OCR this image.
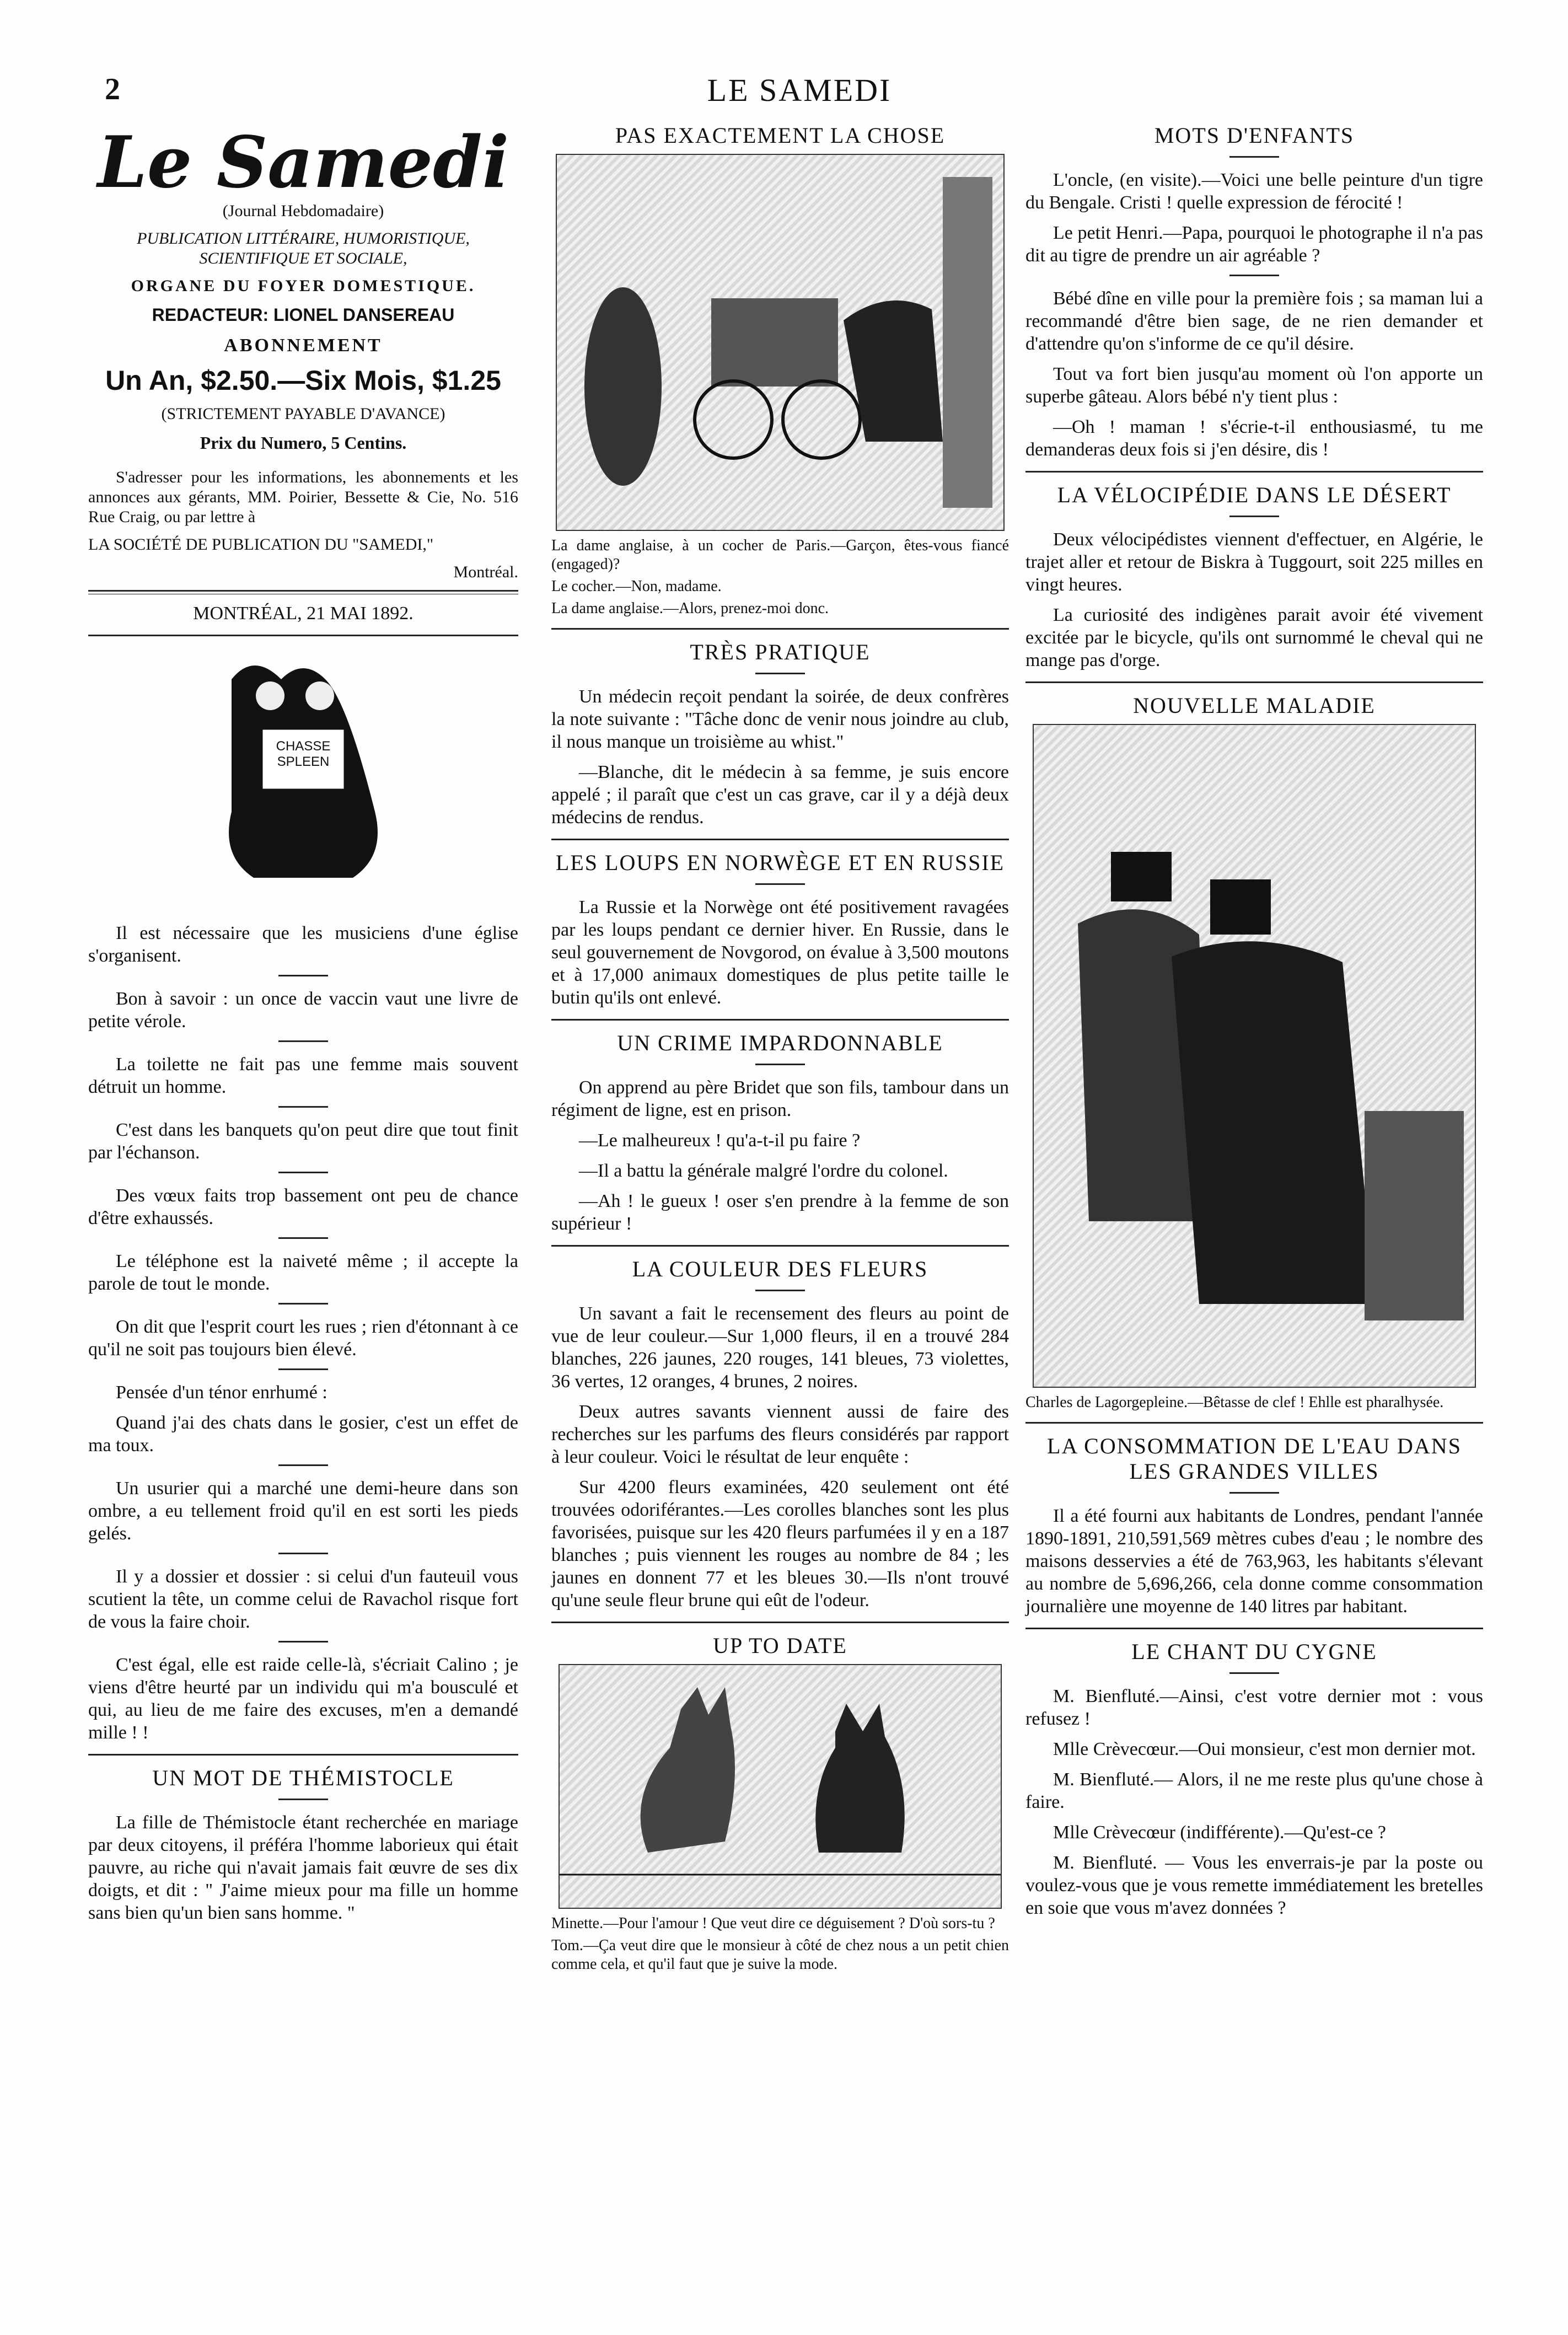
2	LE SAMEDI
Le Samedi

(Journal Hebdomadaire)

PUBLICATION LITTÉRAIRE, HUMORISTIQUE, SCIENTIFIQUE ET SOCIALE,

ORGANE DU FOYER DOMESTIQUE.

REDACTEUR: LIONEL DANSEREAU

ABONNEMENT

Un An, $2.50.—Six Mois, $1.25

(STRICTEMENT PAYABLE D'AVANCE)

Prix du Numero, 5 Centins.

S'adresser pour les informations, les abonnements et les annonces aux gérants, MM. Poirier, Bessette & Cie, No. 516 Rue Craig, ou par lettre à

LA SOCIÉTÉ DE PUBLICATION DU "SAMEDI,"

Montréal.

MONTRÉAL, 21 MAI 1892.

CHASSE SPLEEN

Il est nécessaire que les musiciens d'une église s'organisent.

Bon à savoir : un once de vaccin vaut une livre de petite vérole.

La toilette ne fait pas une femme mais souvent détruit un homme.

C'est dans les banquets qu'on peut dire que tout finit par l'échanson.

Des vœux faits trop bassement ont peu de chance d'être exhaussés.

Le téléphone est la naiveté même ; il accepte la parole de tout le monde.

On dit que l'esprit court les rues ; rien d'étonnant à ce qu'il ne soit pas toujours bien élevé.

Pensée d'un ténor enrhumé :

Quand j'ai des chats dans le gosier, c'est un effet de ma toux.

Un usurier qui a marché une demi-heure dans son ombre, a eu tellement froid qu'il en est sorti les pieds gelés.

Il y a dossier et dossier : si celui d'un fauteuil vous scutient la tête, un comme celui de Ravachol risque fort de vous la faire choir.

C'est égal, elle est raide celle-là, s'écriait Calino ; je viens d'être heurté par un individu qui m'a bousculé et qui, au lieu de me faire des excuses, m'en a demandé mille ! !

UN MOT DE THÉMISTOCLE

La fille de Thémistocle étant recherchée en mariage par deux citoyens, il préféra l'homme laborieux qui était pauvre, au riche qui n'avait jamais fait œuvre de ses dix doigts, et dit : " J'aime mieux pour ma fille un homme sans bien qu'un bien sans homme. "

PAS EXACTEMENT LA CHOSE

La dame anglaise, à un cocher de Paris.—Garçon, êtes-vous fiancé (engaged)?

Le cocher.—Non, madame.

La dame anglaise.—Alors, prenez-moi donc.

TRÈS PRATIQUE

Un médecin reçoit pendant la soirée, de deux confrères la note suivante : "Tâche donc de venir nous joindre au club, il nous manque un troisième au whist."

—Blanche, dit le médecin à sa femme, je suis encore appelé ; il paraît que c'est un cas grave, car il y a déjà deux médecins de rendus.

LES LOUPS EN NORWÈGE ET EN RUSSIE

La Russie et la Norwège ont été positivement ravagées par les loups pendant ce dernier hiver. En Russie, dans le seul gouvernement de Novgorod, on évalue à 3,500 moutons et à 17,000 animaux domestiques de plus petite taille le butin qu'ils ont enlevé.

UN CRIME IMPARDONNABLE

On apprend au père Bridet que son fils, tambour dans un régiment de ligne, est en prison.

—Le malheureux ! qu'a-t-il pu faire ?

—Il a battu la générale malgré l'ordre du colonel.

—Ah ! le gueux ! oser s'en prendre à la femme de son supérieur !

LA COULEUR DES FLEURS

Un savant a fait le recensement des fleurs au point de vue de leur couleur.—Sur 1,000 fleurs, il en a trouvé 284 blanches, 226 jaunes, 220 rouges, 141 bleues, 73 violettes, 36 vertes, 12 oranges, 4 brunes, 2 noires.

Deux autres savants viennent aussi de faire des recherches sur les parfums des fleurs considérés par rapport à leur couleur. Voici le résultat de leur enquête :

Sur 4200 fleurs examinées, 420 seulement ont été trouvées odoriférantes.—Les corolles blanches sont les plus favorisées, puisque sur les 420 fleurs parfumées il y en a 187 blanches ; puis viennent les rouges au nombre de 84 ; les jaunes en donnent 77 et les bleues 30.—Ils n'ont trouvé qu'une seule fleur brune qui eût de l'odeur.

UP TO DATE

Minette.—Pour l'amour ! Que veut dire ce déguisement ? D'où sors-tu ?

Tom.—Ça veut dire que le monsieur à côté de chez nous a un petit chien comme cela, et qu'il faut que je suive la mode.

MOTS D'ENFANTS

L'oncle, (en visite).—Voici une belle peinture d'un tigre du Bengale. Cristi ! quelle expression de férocité !

Le petit Henri.—Papa, pourquoi le photographe il n'a pas dit au tigre de prendre un air agréable ?

Bébé dîne en ville pour la première fois ; sa maman lui a recommandé d'être bien sage, de ne rien demander et d'attendre qu'on s'informe de ce qu'il désire.

Tout va fort bien jusqu'au moment où l'on apporte un superbe gâteau. Alors bébé n'y tient plus :

—Oh ! maman ! s'écrie-t-il enthousiasmé, tu me demanderas deux fois si j'en désire, dis !

LA VÉLOCIPÉDIE DANS LE DÉSERT

Deux vélocipédistes viennent d'effectuer, en Algérie, le trajet aller et retour de Biskra à Tuggourt, soit 225 milles en vingt heures.

La curiosité des indigènes parait avoir été vivement excitée par le bicycle, qu'ils ont surnommé le cheval qui ne mange pas d'orge.

NOUVELLE MALADIE

Charles de Lagorgepleine.—Bêtasse de clef ! Ehlle est pharalhysée.

LA CONSOMMATION DE L'EAU DANS LES GRANDES VILLES

Il a été fourni aux habitants de Londres, pendant l'année 1890-1891, 210,591,569 mètres cubes d'eau ; le nombre des maisons desservies a été de 763,963, les habitants s'élevant au nombre de 5,696,266, cela donne comme consommation journalière une moyenne de 140 litres par habitant.

LE CHANT DU CYGNE

M. Bienfluté.—Ainsi, c'est votre dernier mot : vous refusez !

Mlle Crèvecœur.—Oui monsieur, c'est mon dernier mot.

M. Bienfluté.— Alors, il ne me reste plus qu'une chose à faire.

Mlle Crèvecœur (indifférente).—Qu'est-ce ?

M. Bienfluté. — Vous les enverrais-je par la poste ou voulez-vous que je vous remette immédiatement les bretelles en soie que vous m'avez données ?
